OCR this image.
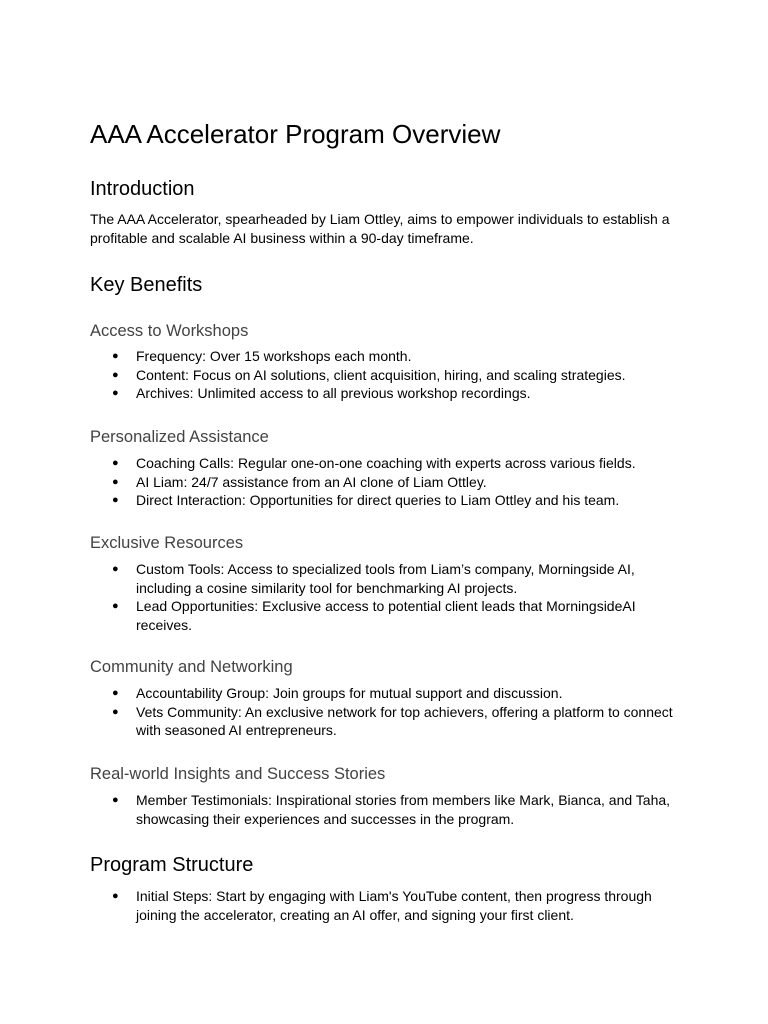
AAA Accelerator Program Overview
Introduction

The AAA Accelerator, spearheaded by Liam Ottley, aims to empower individuals to establish a profitable and scalable AI business within a 90-day timeframe.

Key Benefits
Access to Workshops
● Frequency: Over 15 workshops each month.
● Content: Focus on AI solutions, client acquisition, hiring, and scaling strategies.
● Archives: Unlimited access to all previous workshop recordings.
Personalized Assistance
● Coaching Calls: Regular one-on-one coaching with experts across various fields.
● AI Liam: 24/7 assistance from an AI clone of Liam Ottley.
● Direct Interaction: Opportunities for direct queries to Liam Ottley and his team.
Exclusive Resources
● Custom Tools: Access to specialized tools from Liam’s company, Morningside AI, including a cosine similarity tool for benchmarking AI projects.
● Lead Opportunities: Exclusive access to potential client leads that MorningsideAI receives.
Community and Networking
● Accountability Group: Join groups for mutual support and discussion.
● Vets Community: An exclusive network for top achievers, offering a platform to connect with seasoned AI entrepreneurs.
Real-world Insights and Success Stories
● Member Testimonials: Inspirational stories from members like Mark, Bianca, and Taha, showcasing their experiences and successes in the program.
Program Structure
● Initial Steps: Start by engaging with Liam's YouTube content, then progress through joining the accelerator, creating an AI offer, and signing your first client.
